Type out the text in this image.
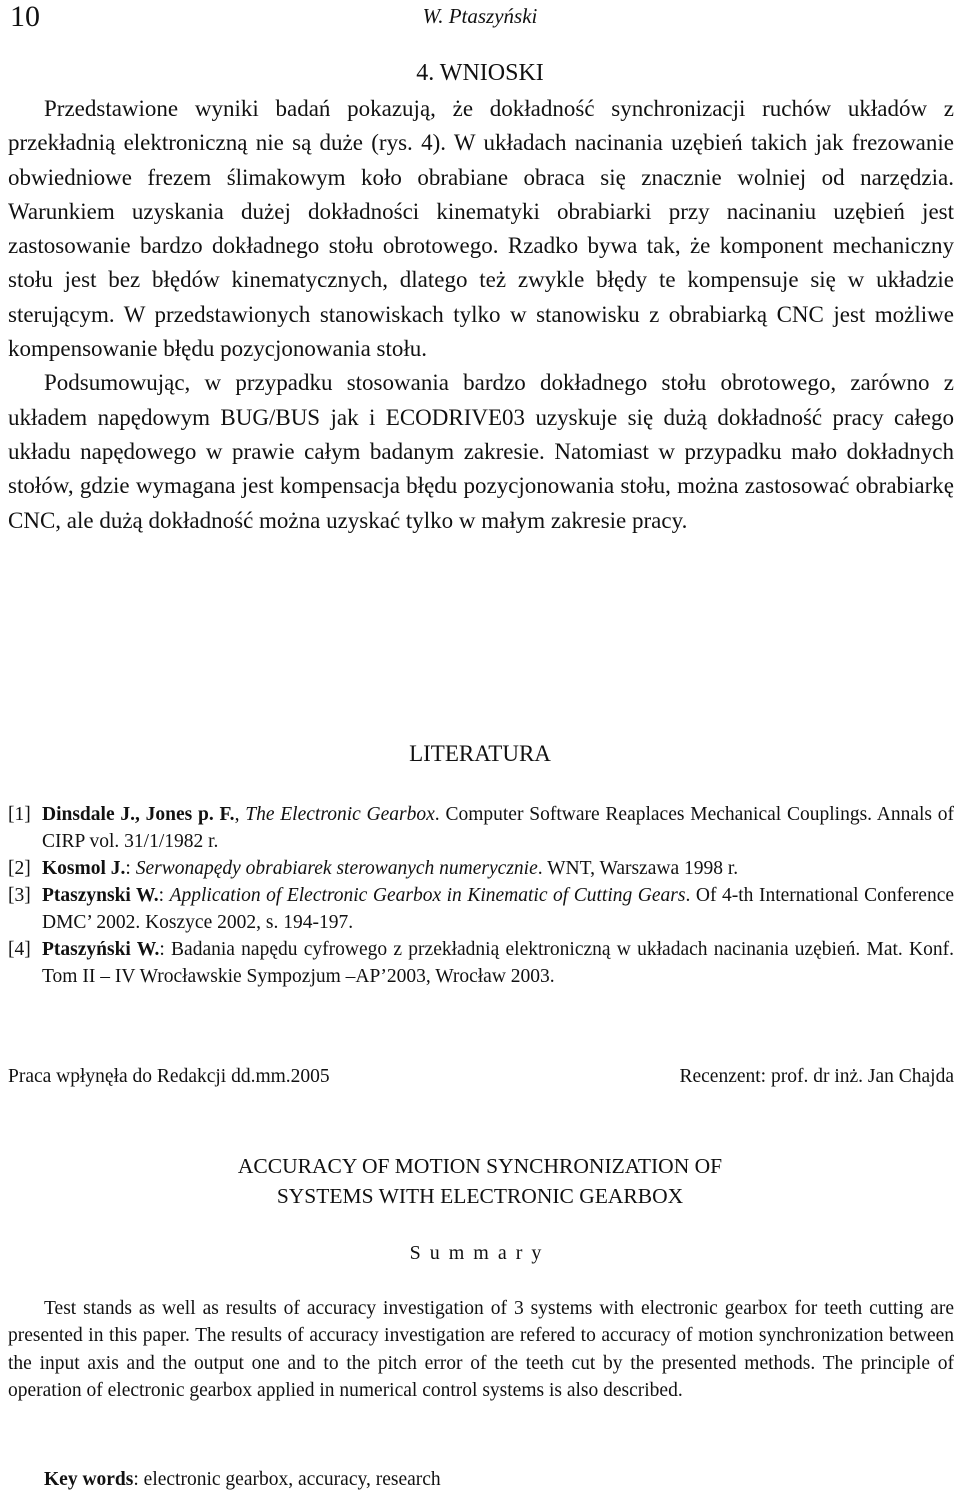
10	W. Ptaszyński
4. WNIOSKI

Przedstawione wyniki badań pokazują, że dokładność synchronizacji ruchów układów z przekładnią elektroniczną nie są duże (rys. 4). W układach nacinania uzębień takich jak frezowanie obwiedniowe frezem ślimakowym koło obrabiane obraca się znacznie wolniej od narzędzia. Warunkiem uzyskania dużej dokładności kinematyki obrabiarki przy nacinaniu uzębień jest zastosowanie bardzo dokładnego stołu obrotowego. Rzadko bywa tak, że komponent mechaniczny stołu jest bez błędów kinematycznych, dlatego też zwykle błędy te kompensuje się w układzie sterującym. W przedstawionych stanowiskach tylko w stanowisku z obrabiarką CNC jest możliwe kompensowanie błędu pozycjonowania stołu.

Podsumowując, w przypadku stosowania bardzo dokładnego stołu obrotowego, zarówno z układem napędowym BUG/BUS jak i ECODRIVE03 uzyskuje się dużą dokładność pracy całego układu napędowego w prawie całym badanym zakresie. Natomiast w przypadku mało dokładnych stołów, gdzie wymagana jest kompensacja błędu pozycjonowania stołu, można zastosować obrabiarkę CNC, ale dużą dokładność można uzyskać tylko w małym zakresie pracy.

LITERATURA
[1] Dinsdale J., Jones p. F., The Electronic Gearbox. Computer Software Reaplaces Mechanical Couplings. Annals of CIRP vol. 31/1/1982 r.
[2] Kosmol J.: Serwonapędy obrabiarek sterowanych numerycznie. WNT, Warszawa 1998 r.
[3] Ptaszynski W.: Application of Electronic Gearbox in Kinematic of Cutting Gears. Of 4-th International Conference DMC’ 2002. Koszyce 2002, s. 194-197.
[4] Ptaszyński W.: Badania napędu cyfrowego z przekładnią elektroniczną w układach nacinania uzębień. Mat. Konf. Tom II – IV Wrocławskie Sympozjum –AP’2003, Wrocław 2003.
Praca wpłynęła do Redakcji dd.mm.2005	Recenzent: prof. dr inż. Jan Chajda
ACCURACY OF MOTION SYNCHRONIZATION OF
SYSTEMS WITH ELECTRONIC GEARBOX
Summary

Test stands as well as results of accuracy investigation of 3 systems with electronic gearbox for teeth cutting are presented in this paper. The results of accuracy investigation are refered to accuracy of motion synchronization between the input axis and the output one and to the pitch error of the teeth cut by the presented methods. The principle of operation of electronic gearbox applied in numerical control systems is also described.

Key words: electronic gearbox, accuracy, research
